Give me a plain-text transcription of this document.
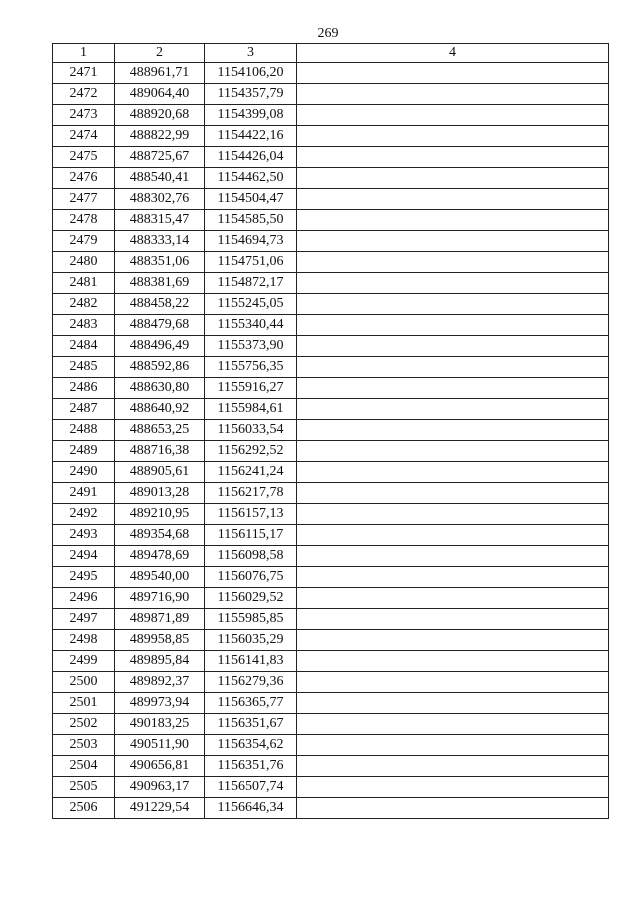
269
1	2	3	4
2471	488961,71	1154106,20	
2472	489064,40	1154357,79	
2473	488920,68	1154399,08	
2474	488822,99	1154422,16	
2475	488725,67	1154426,04	
2476	488540,41	1154462,50	
2477	488302,76	1154504,47	
2478	488315,47	1154585,50	
2479	488333,14	1154694,73	
2480	488351,06	1154751,06	
2481	488381,69	1154872,17	
2482	488458,22	1155245,05	
2483	488479,68	1155340,44	
2484	488496,49	1155373,90	
2485	488592,86	1155756,35	
2486	488630,80	1155916,27	
2487	488640,92	1155984,61	
2488	488653,25	1156033,54	
2489	488716,38	1156292,52	
2490	488905,61	1156241,24	
2491	489013,28	1156217,78	
2492	489210,95	1156157,13	
2493	489354,68	1156115,17	
2494	489478,69	1156098,58	
2495	489540,00	1156076,75	
2496	489716,90	1156029,52	
2497	489871,89	1155985,85	
2498	489958,85	1156035,29	
2499	489895,84	1156141,83	
2500	489892,37	1156279,36	
2501	489973,94	1156365,77	
2502	490183,25	1156351,67	
2503	490511,90	1156354,62	
2504	490656,81	1156351,76	
2505	490963,17	1156507,74	
2506	491229,54	1156646,34	
